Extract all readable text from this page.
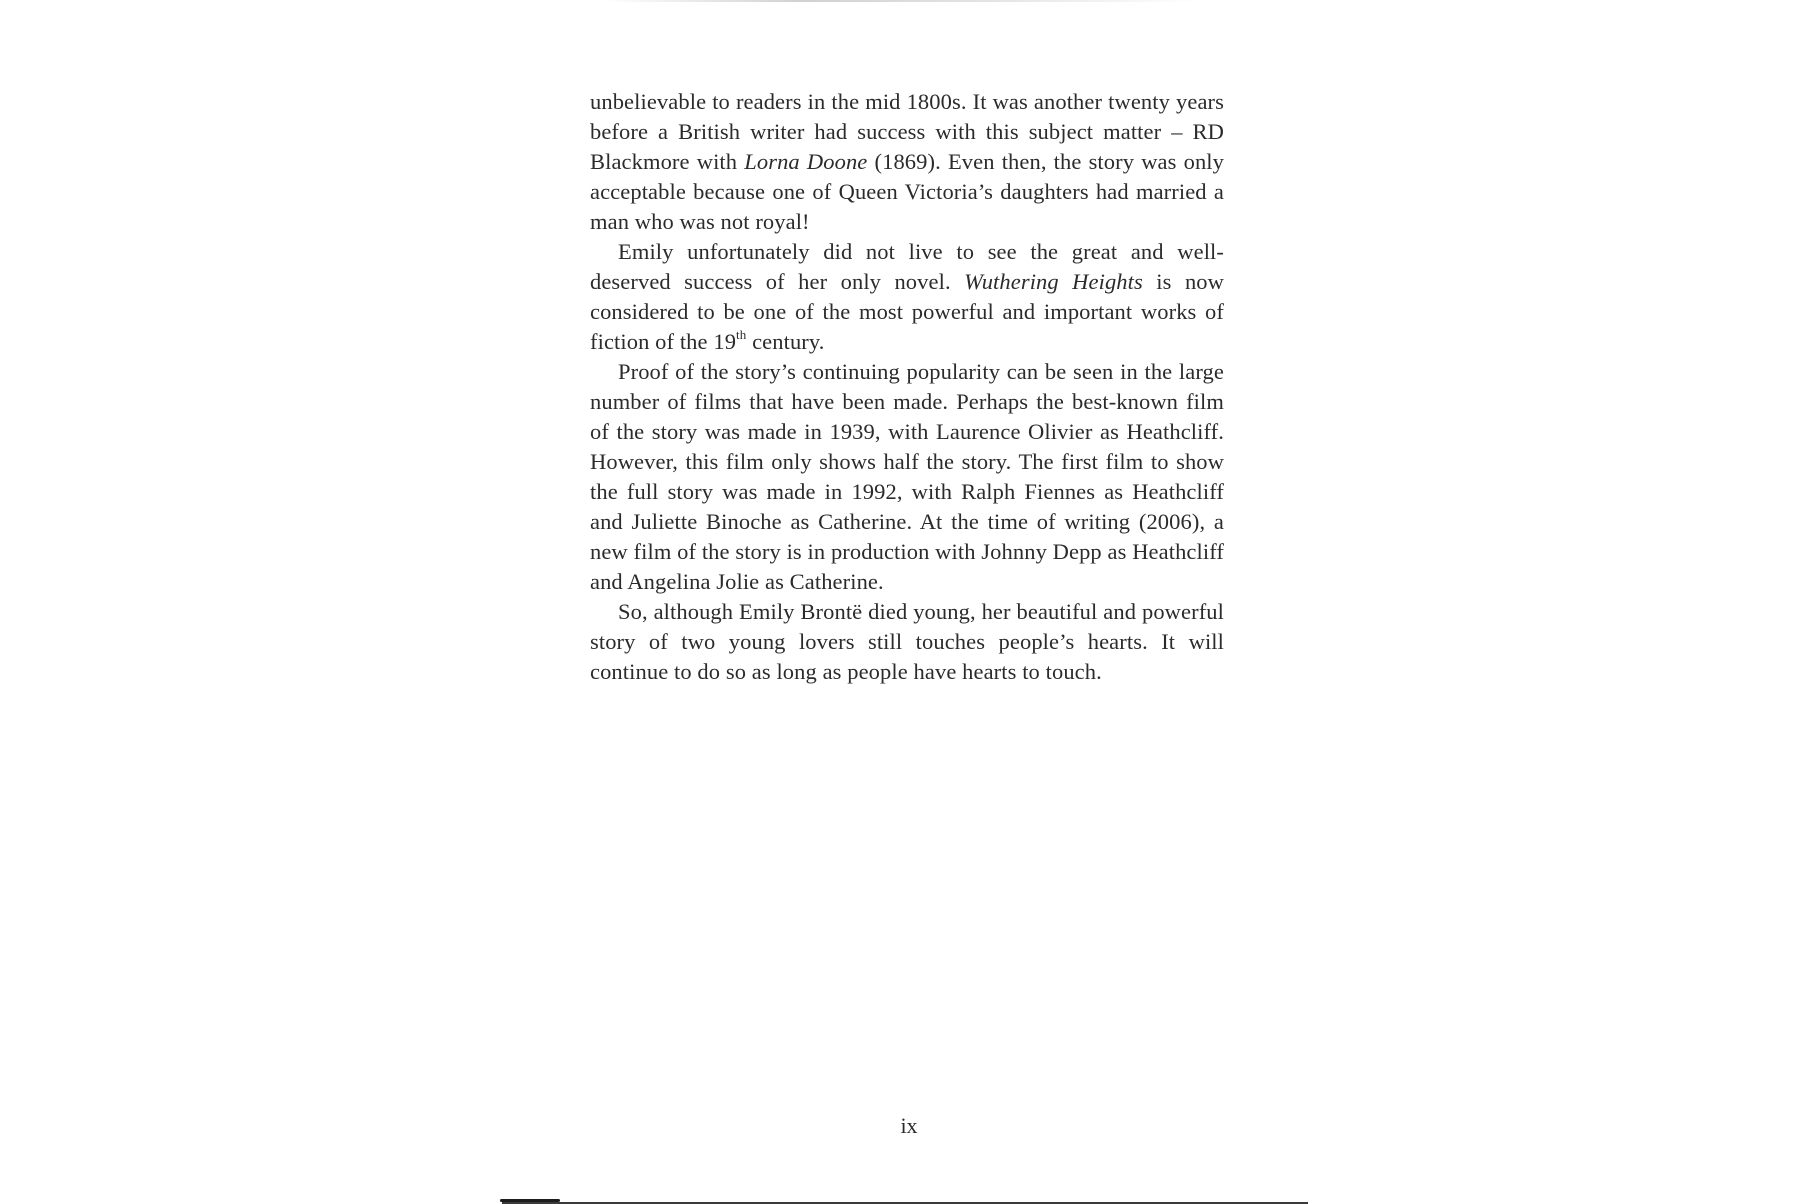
unbelievable to readers in the mid 1800s. It was another twenty years before a British writer had success with this subject matter – RD Blackmore with Lorna Doone (1869). Even then, the story was only acceptable because one of Queen Victoria’s daughters had married a man who was not royal!

Emily unfortunately did not live to see the great and well-deserved success of her only novel. Wuthering Heights is now considered to be one of the most powerful and important works of fiction of the 19th century.

Proof of the story’s continuing popularity can be seen in the large number of films that have been made. Perhaps the best-known film of the story was made in 1939, with Laurence Olivier as Heathcliff. However, this film only shows half the story. The first film to show the full story was made in 1992, with Ralph Fiennes as Heathcliff and Juliette Binoche as Catherine. At the time of writing (2006), a new film of the story is in production with Johnny Depp as Heathcliff and Angelina Jolie as Catherine.

So, although Emily Brontë died young, her beautiful and powerful story of two young lovers still touches people’s hearts. It will continue to do so as long as people have hearts to touch.

ix
